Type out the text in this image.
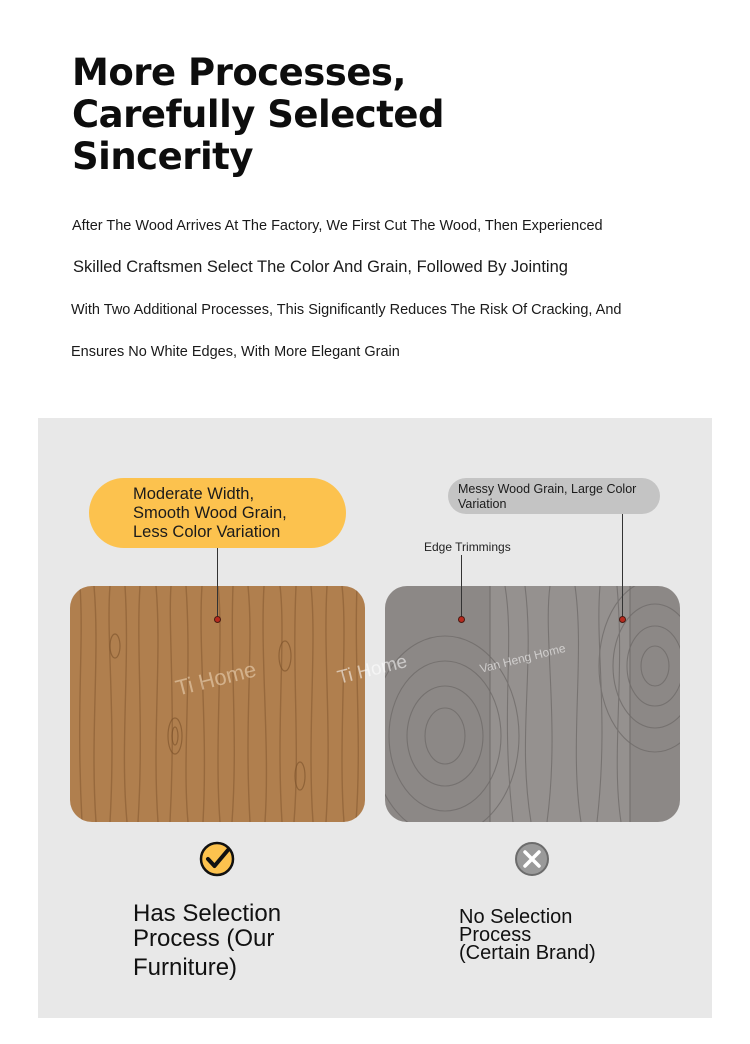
More Processes,
Carefully Selected
Sincerity

After The Wood Arrives At The Factory, We First Cut The Wood, Then Experienced

Skilled Craftsmen Select The Color And Grain, Followed By Jointing

With Two Additional Processes, This Significantly Reduces The Risk Of Cracking, And

Ensures No White Edges, With More Elegant Grain

Moderate Width,
Smooth Wood Grain,
Less Color Variation
Messy Wood Grain, Large Color
Variation
Edge Trimmings
Ti Home	Ti Home	Van Heng Home
Has Selection
Process (Our
Furniture)
No Selection
Process
(Certain Brand)
